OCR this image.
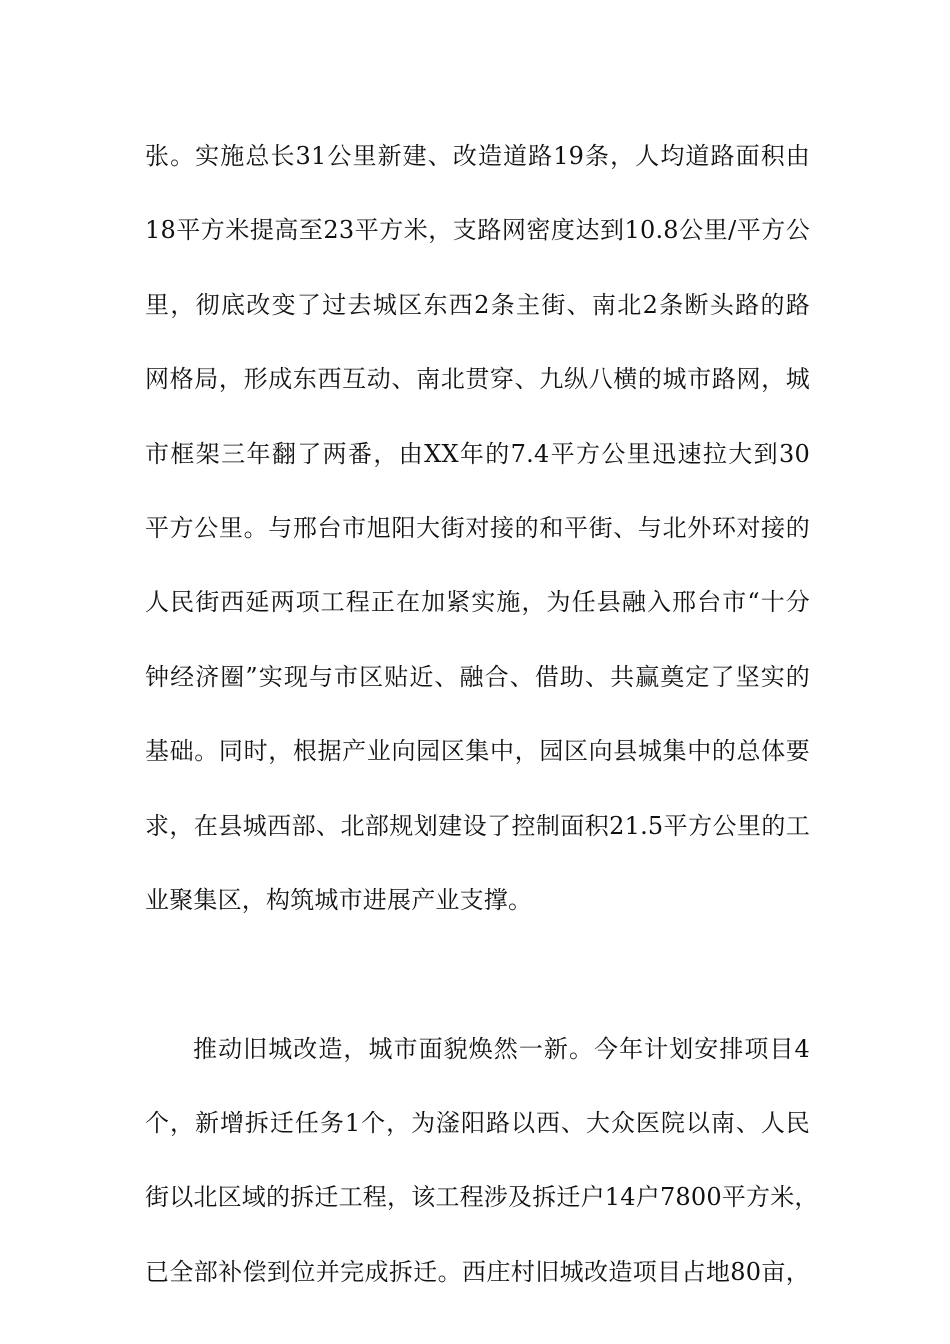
张。实施总长31公里新建、改造道路19条，人均道路面积由
18平方米提高至23平方米，支路网密度达到10.8公里/平方公
里，彻底改变了过去城区东西2条主街、南北2条断头路的路
网格局，形成东西互动、南北贯穿、九纵八横的城市路网，城
市框架三年翻了两番，由XX年的7.4平方公里迅速拉大到30
平方公里。与邢台市旭阳大街对接的和平街、与北外环对接的
人民街西延两项工程正在加紧实施，为任县融入邢台市“十分
钟经济圈”实现与市区贴近、融合、借助、共赢奠定了坚实的
基础。同时，根据产业向园区集中，园区向县城集中的总体要
求，在县城西部、北部规划建设了控制面积21.5平方公里的工
业聚集区，构筑城市进展产业支撑。
推动旧城改造，城市面貌焕然一新。今年计划安排项目4
个，新增拆迁任务1个，为滏阳路以西、大众医院以南、人民
街以北区域的拆迁工程，该工程涉及拆迁户14户7800平方米，
已全部补偿到位并完成拆迁。西庄村旧城改造项目占地80亩，
